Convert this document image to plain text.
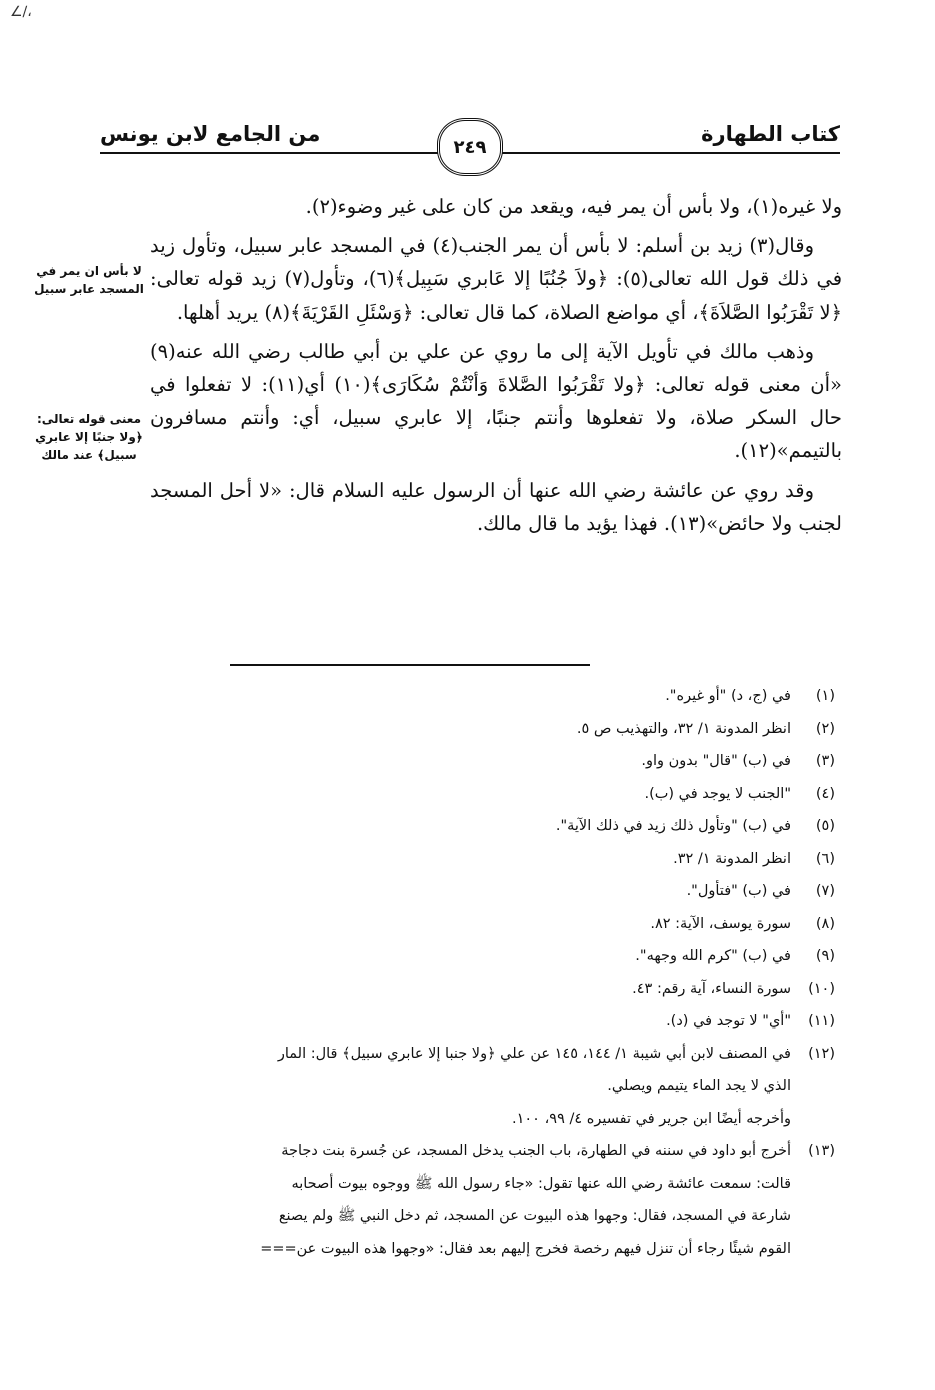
،∕∠
كتاب الطهارة
من الجامع لابن يونس
٢٤٩
لا بأس ان يمر في المسجد عابر سبيل
معنى قوله تعالى: ﴿ولا جنبًا إلا عابري سبيل﴾ عند مالك

ولا غيره(١)، ولا بأس أن يمر فيه، ويقعد من كان على غير وضوء(٢).

وقال(٣) زيد بن أسلم: لا بأس أن يمر الجنب(٤) في المسجد عابر سبيل، وتأول زيد في ذلك قول الله تعالى(٥): ﴿ولاَ جُنُبًا إلا عَابري سَبِيل﴾(٦)، وتأول(٧) زيد قوله تعالى: ﴿لا تَقْرَبُوا الصَّلاَةَ﴾، أي مواضع الصلاة، كما قال تعالى: ﴿وَسْئَلِ القَرْيَةَ﴾(٨) يريد أهلها.

وذهب مالك في تأويل الآية إلى ما روي عن علي بن أبي طالب رضي الله عنه(٩) «أن معنى قوله تعالى: ﴿ولا تَقْرَبُوا الصَّلاةَ وَأنْتُمْ سُكَارَى﴾(١٠) أي(١١): لا تفعلوا في حال السكر صلاة، ولا تفعلوها وأنتم جنبًا، إلا عابري سبيل، أي: وأنتم مسافرون بالتيمم»(١٢).

وقد روي عن عائشة رضي الله عنها أن الرسول عليه السلام قال: «لا أحل المسجد لجنب ولا حائض»(١٣). فهذا يؤيد ما قال مالك.

(١)
في (ج، د) "أو غيره".
(٢)
انظر المدونة ١/ ٣٢، والتهذيب ص ٥.
(٣)
في (ب) "قال" بدون واو.
(٤)
"الجنب لا يوجد في (ب).
(٥)
في (ب) "وتأول ذلك زيد في ذلك الآية".
(٦)
انظر المدونة ١/ ٣٢.
(٧)
في (ب) "فتأول".
(٨)
سورة يوسف، الآية: ٨٢.
(٩)
في (ب) "كرم الله وجهه".
(١٠)
سورة النساء، آية رقم: ٤٣.
(١١)
"أي" لا توجد في (د).
(١٢)
في المصنف لابن أبي شيبة ١/ ١٤٤، ١٤٥ عن علي ﴿ولا جنبا إلا عابري سبيل﴾ قال: المار
الذي لا يجد الماء يتيمم ويصلي.
وأخرجه أيضًا ابن جرير في تفسيره ٤/ ٩٩، ١٠٠.
(١٣)
أخرج أبو داود في سننه في الطهارة، باب الجنب يدخل المسجد، عن جُسرة بنت دجاجة
قالت: سمعت عائشة رضي الله عنها تقول: «جاء رسول الله ﷺ ووجوه بيوت أصحابه
شارعة في المسجد، فقال: وجهوا هذه البيوت عن المسجد، ثم دخل النبي ﷺ ولم يصنع
القوم شيئًا رجاء أن تنزل فيهم رخصة فخرج إليهم بعد فقال: «وجهوا هذه البيوت عن===
